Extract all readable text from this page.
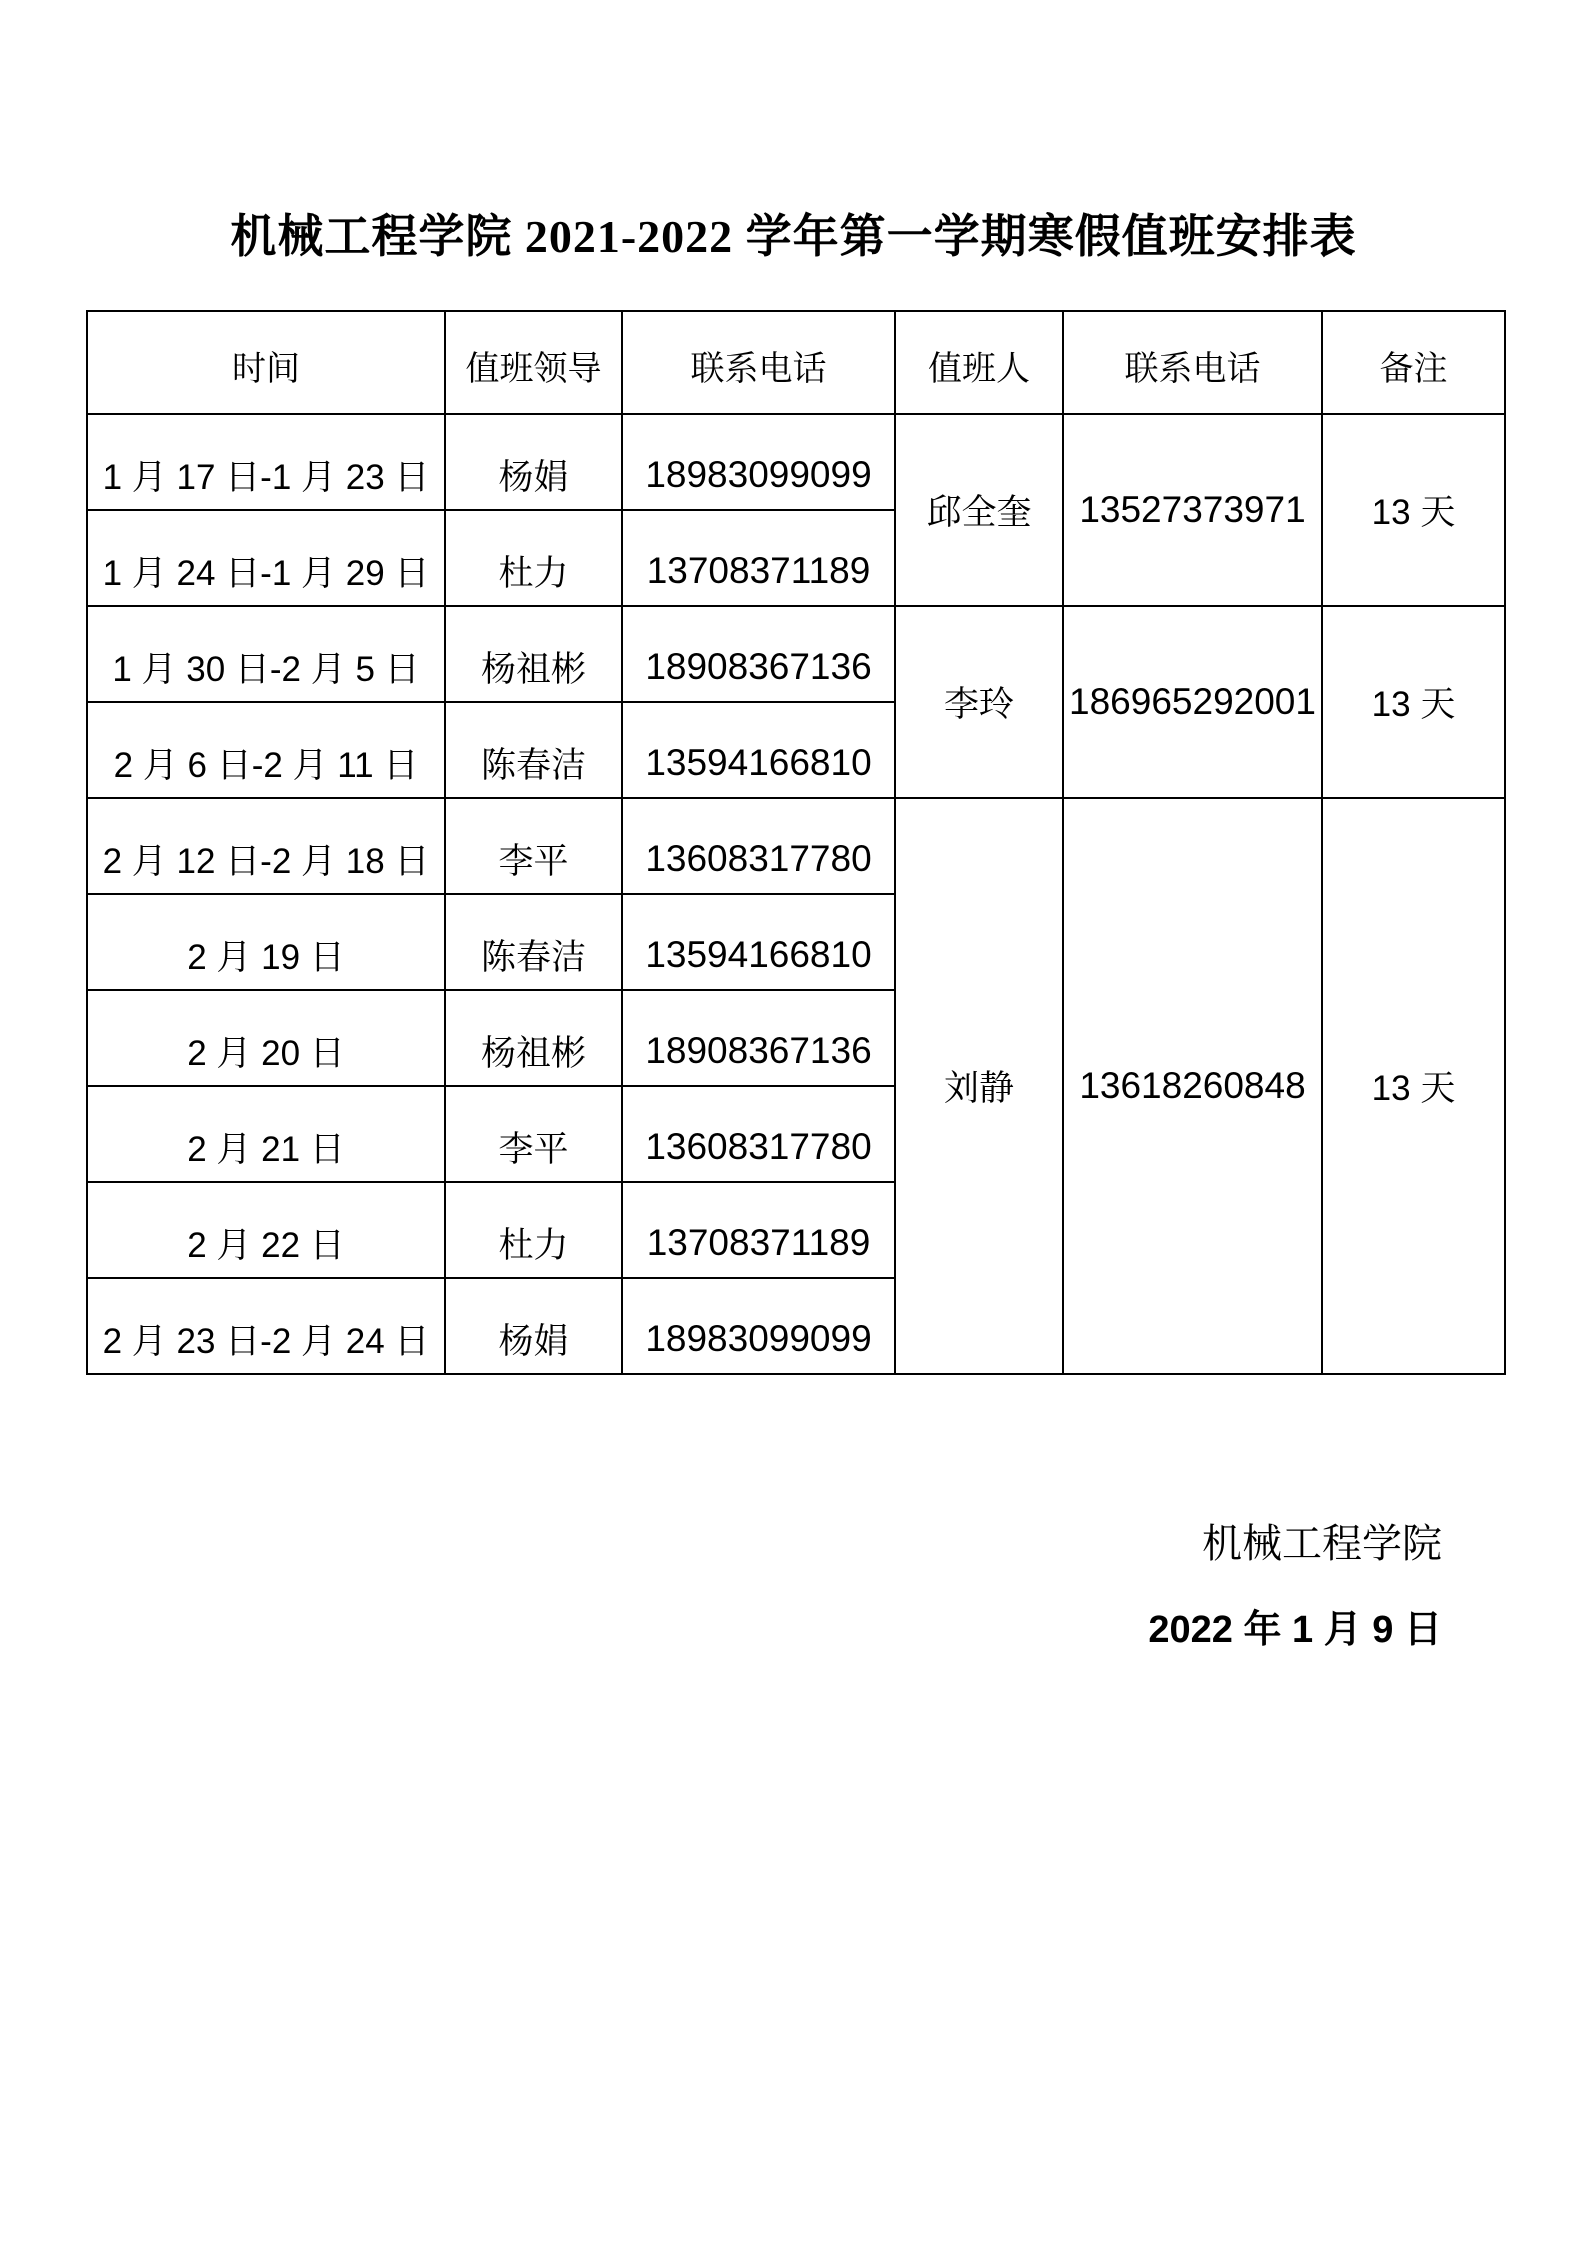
机械工程学院 2021-2022 学年第一学期寒假值班安排表
时间	值班领导	联系电话	值班人	联系电话	备注
1 月 17 日-1 月 23 日	杨娟	18983099099	邱全奎	13527373971	13 天
1 月 24 日-1 月 29 日	杜力	13708371189			
1 月 30 日-2 月 5 日	杨祖彬	18908367136	李玲	186965292001	13 天
2 月 6 日-2 月 11 日	陈春洁	13594166810			
2 月 12 日-2 月 18 日	李平	13608317780	刘静	13618260848	13 天
2 月 19 日	陈春洁	13594166810			
2 月 20 日	杨祖彬	18908367136			
2 月 21 日	李平	13608317780			
2 月 22 日	杜力	13708371189			
2 月 23 日-2 月 24 日	杨娟	18983099099			
机械工程学院
2022 年 1 月 9 日
